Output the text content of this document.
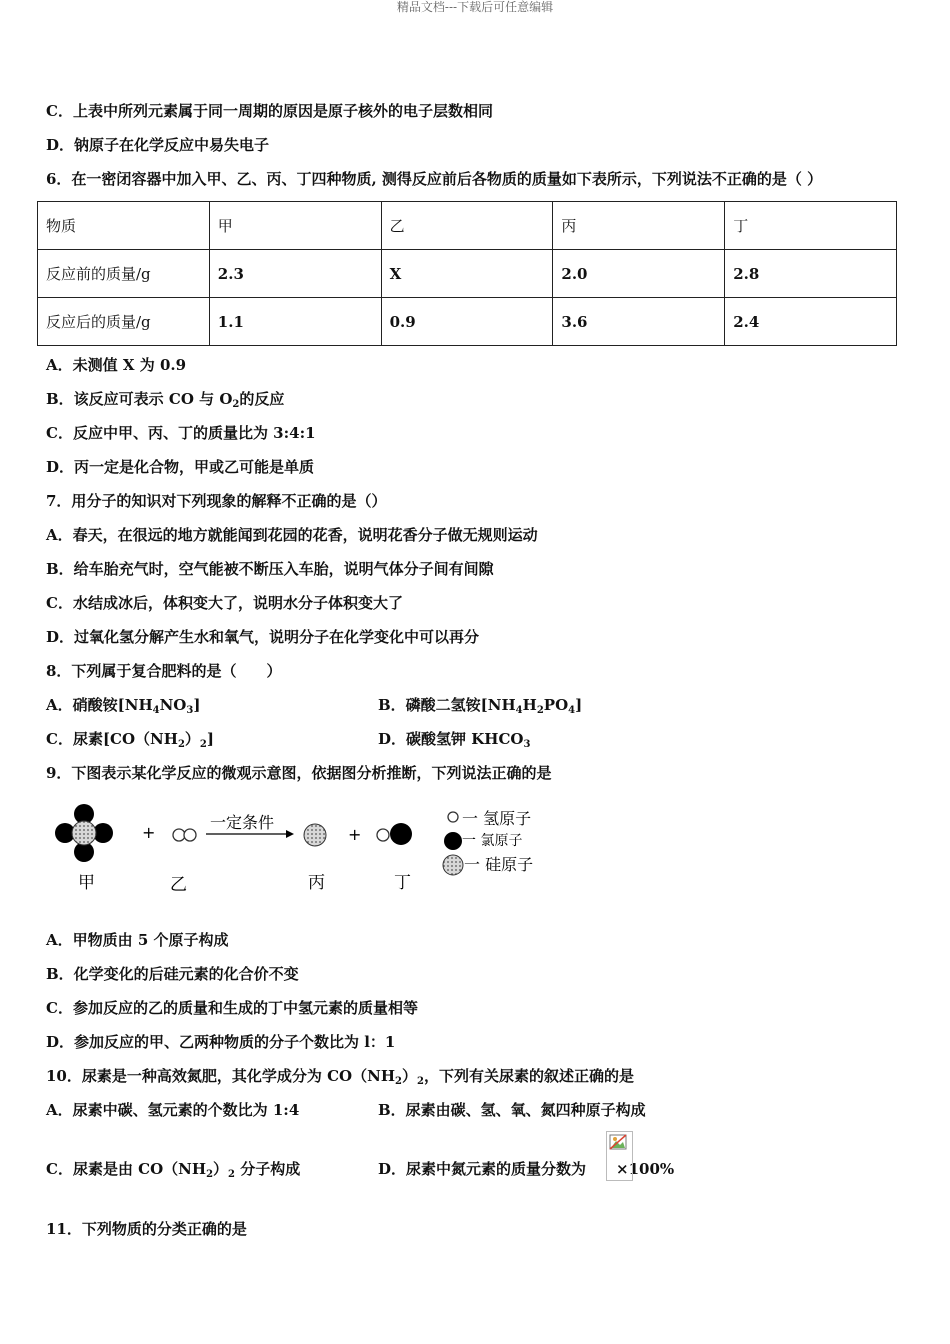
精品文档---下载后可任意编辑
C．上表中所列元素属于同一周期的原因是原子核外的电子层数相同
D．钠原子在化学反应中易失电子
6．在一密闭容器中加入甲、乙、丙、丁四种物质, 测得反应前后各物质的质量如下表所示，下列说法不正确的是（ ）
物质	甲	乙	丙	丁
反应前的质量/g	2.3	X	2.0	2.8
反应后的质量/g	1.1	0.9	3.6	2.4
A．未测值 X 为 0.9
B．该反应可表示 CO 与 $O_2$的反应
C．反应中甲、丙、丁的质量比为 3:4:1
D．丙一定是化合物，甲或乙可能是单质
7．用分子的知识对下列现象的解释不正确的是（）
A．春天，在很远的地方就能闻到花园的花香，说明花香分子做无规则运动
B．给车胎充气时，空气能被不断压入车胎，说明气体分子间有间隙
C．水结成冰后，体积变大了，说明水分子体积变大了
D．过氧化氢分解产生水和氧气，说明分子在化学变化中可以再分
8．下列属于复合肥料的是（　　）
A．硝酸铵$[NH_4NO_3]$	B．磷酸二氢铵$[NH_4H_2PO_4]$
C．尿素$[CO(NH_2)_2]$	D．碳酸氢钾 $KHCO_3$
9．下图表示某化学反应的微观示意图，依据图分析推断，下列说法正确的是
+
一定条件
+
甲	乙	丙	丁
一 氢原子
一 氯原子
一 硅原子
A．甲物质由 5 个原子构成
B．化学变化的后硅元素的化合价不变
C．参加反应的乙的质量和生成的丁中氢元素的质量相等
D．参加反应的甲、乙两种物质的分子个数比为 l：1
10．尿素是一种高效氮肥，其化学成分为 $CO(NH_2)_2$，下列有关尿素的叙述正确的是
A．尿素中碳、氢元素的个数比为 1:4	B．尿素由碳、氢、氧、氮四种原子构成
C．尿素是由 $CO(NH_2)_2$ 分子构成	D．尿素中氮元素的质量分数为 ×100%
11．下列物质的分类正确的是
